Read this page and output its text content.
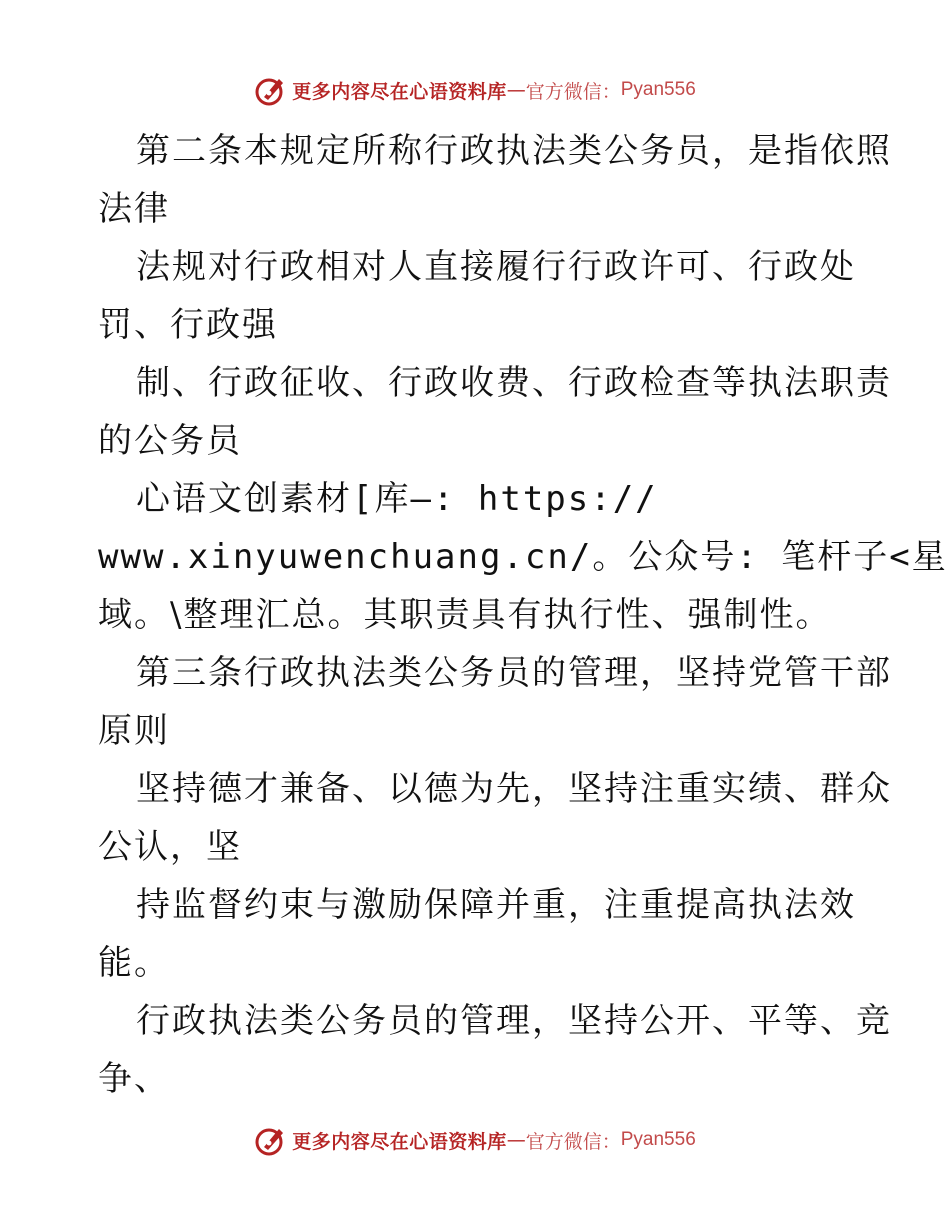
更多内容尽在心语资料库 — 官方微信： Pyan556

第二条本规定所称行政执法类公务员，是指依照

法律

法规对行政相对人直接履行行政许可、行政处

罚、行政强

制、行政征收、行政收费、行政检查等执法职责

的公务员

心语文创素材[库—: https://

www.xinyuwenchuang.cn/。公众号: 笔杆子<星

域。\整理汇总。其职责具有执行性、强制性。

第三条行政执法类公务员的管理，坚持党管干部

原则

坚持德才兼备、以德为先，坚持注重实绩、群众

公认，坚

持监督约束与激励保障并重，注重提高执法效

能。

行政执法类公务员的管理，坚持公开、平等、竞

争、

更多内容尽在心语资料库 — 官方微信： Pyan556
